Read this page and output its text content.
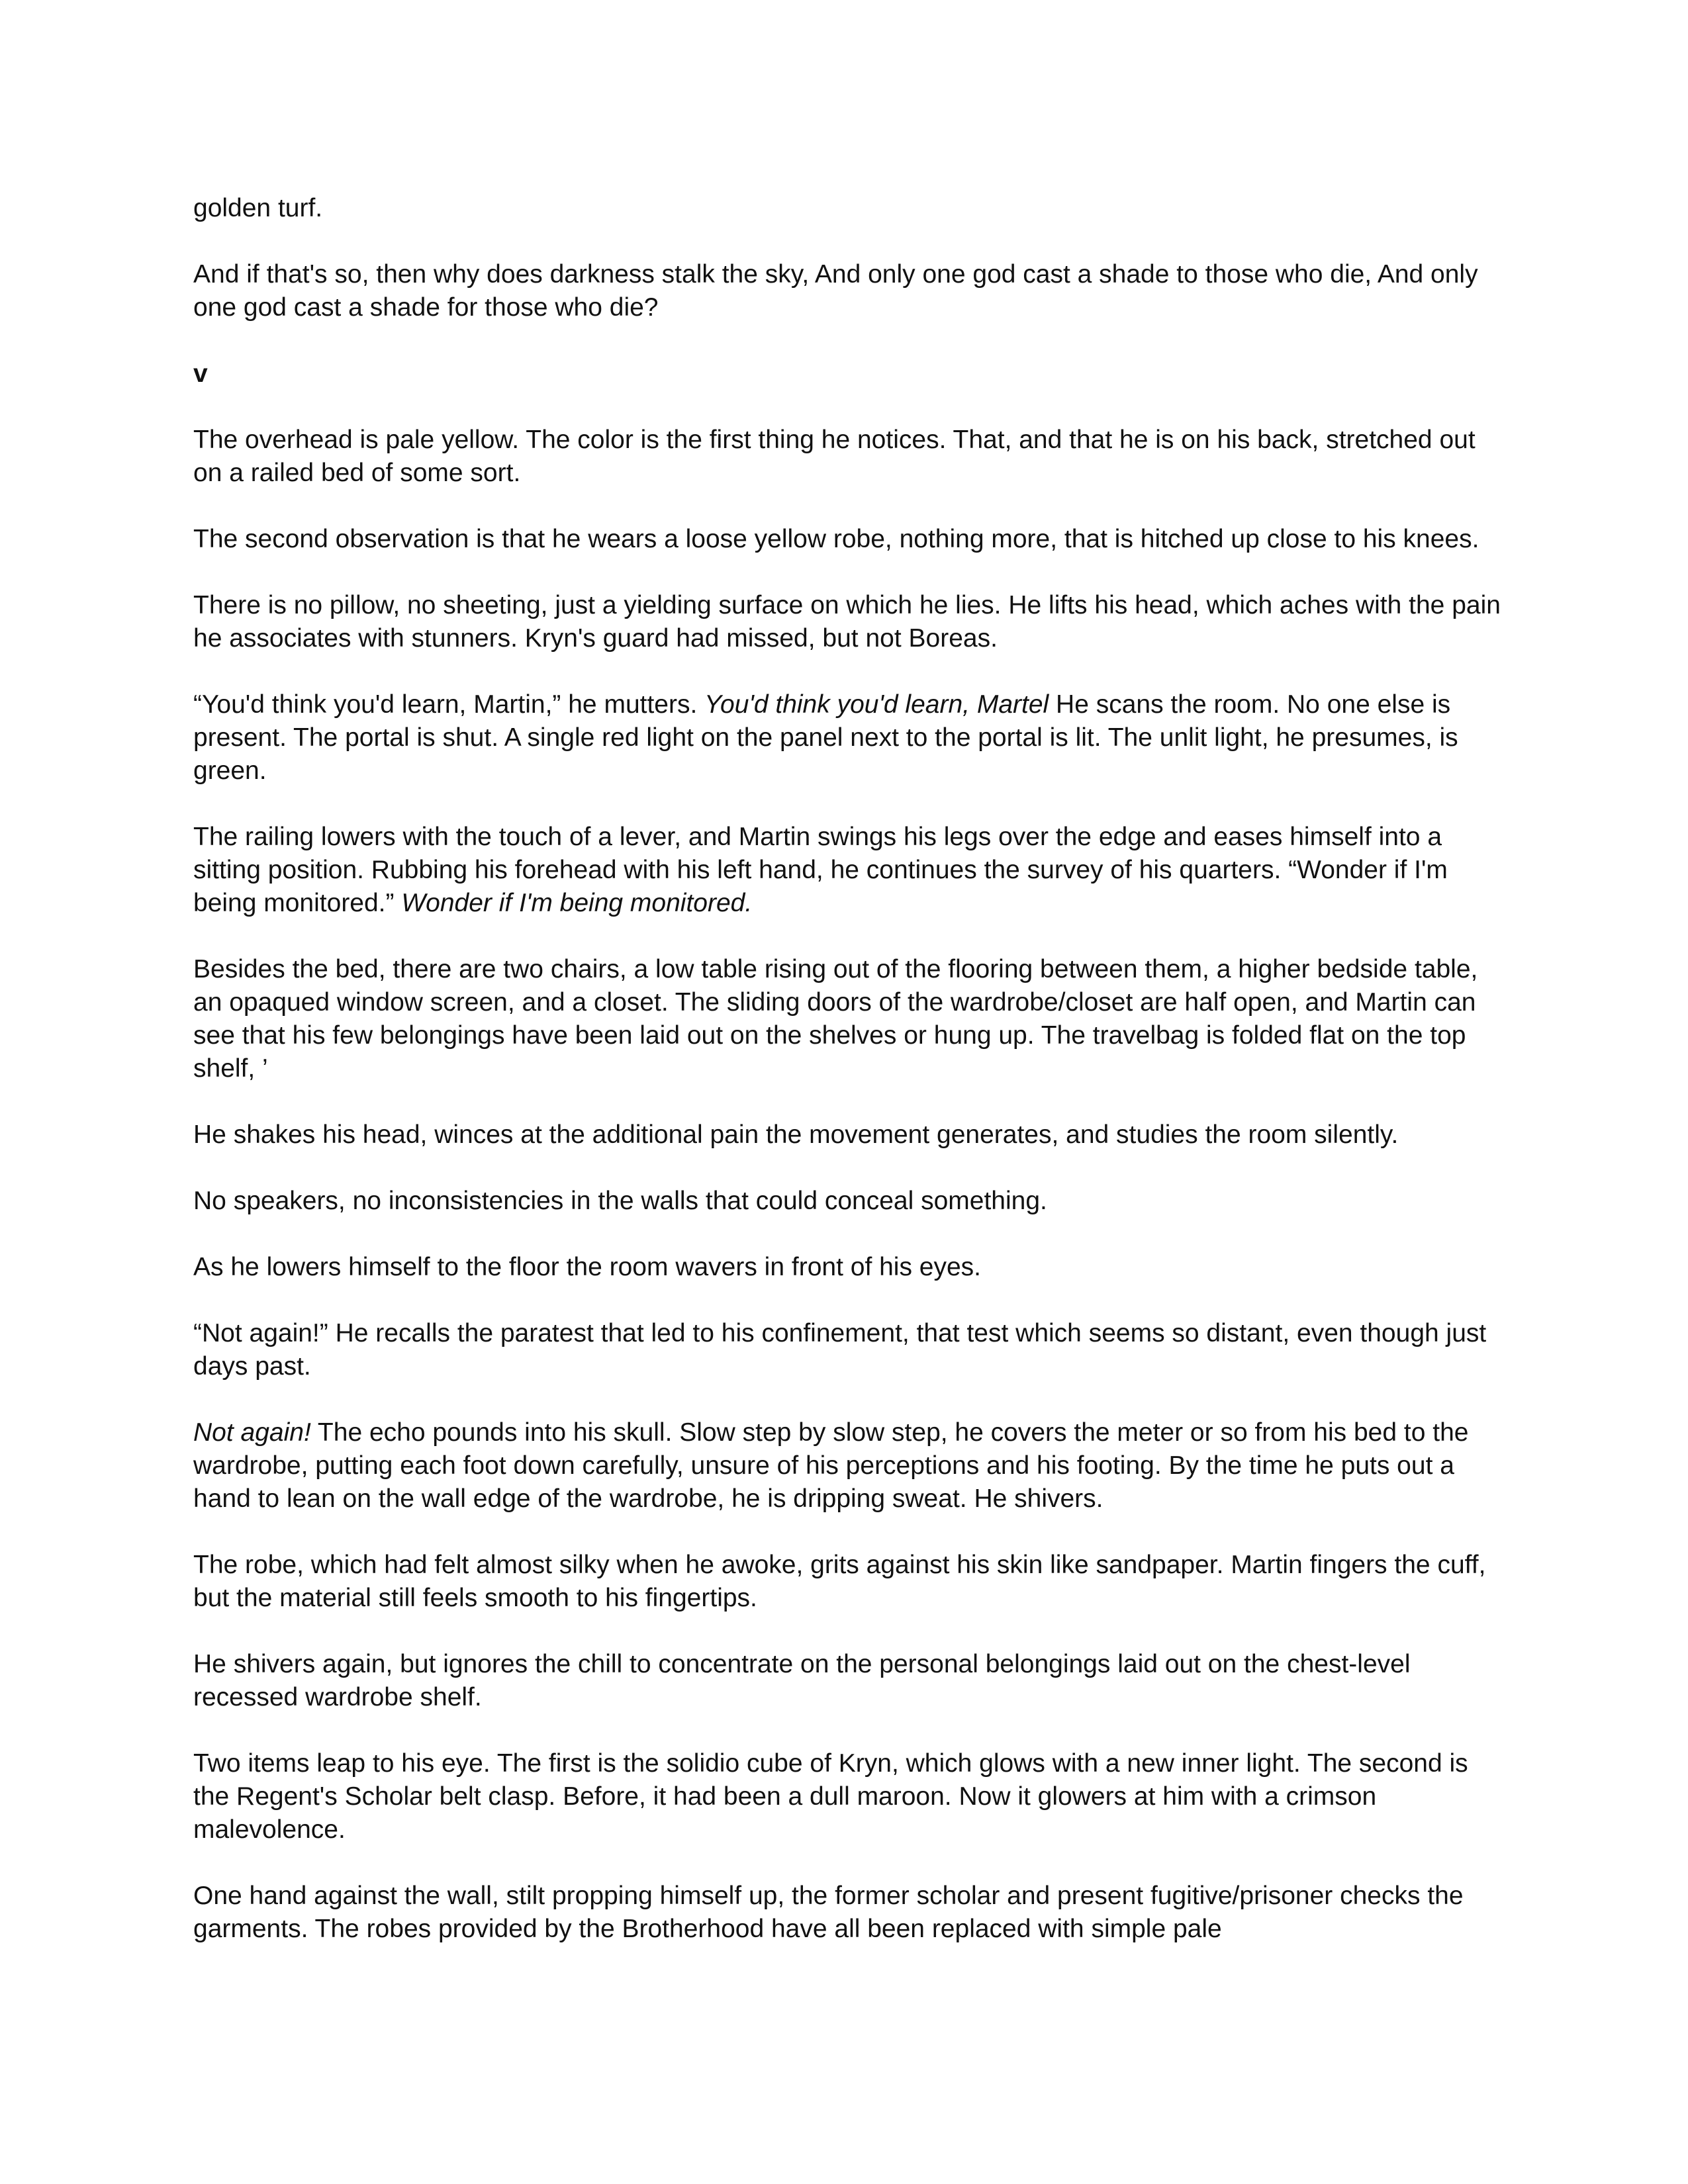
golden turf.

And if that's so, then why does darkness stalk the sky, And only one god cast a shade to those who die, And only one god cast a shade for those who die?

v

The overhead is pale yellow. The color is the first thing he notices. That, and that he is on his back, stretched out on a railed bed of some sort.

The second observation is that he wears a loose yellow robe, nothing more, that is hitched up close to his knees.

There is no pillow, no sheeting, just a yielding surface on which he lies. He lifts his head, which aches with the pain he associates with stunners. Kryn's guard had missed, but not Boreas.

“You'd think you'd learn, Martin,” he mutters. You'd think you'd learn, Martel He scans the room. No one else is present. The portal is shut. A single red light on the panel next to the portal is lit. The unlit light, he presumes, is green.

The railing lowers with the touch of a lever, and Martin swings his legs over the edge and eases himself into a sitting position. Rubbing his forehead with his left hand, he continues the survey of his quarters. “Wonder if I'm being monitored.” Wonder if I'm being monitored.

Besides the bed, there are two chairs, a low table rising out of the flooring between them, a higher bedside table, an opaqued window screen, and a closet. The sliding doors of the wardrobe/closet are half open, and Martin can see that his few belongings have been laid out on the shelves or hung up. The travelbag is folded flat on the top shelf, ’

He shakes his head, winces at the additional pain the movement generates, and studies the room silently.

No speakers, no inconsistencies in the walls that could conceal something.

As he lowers himself to the floor the room wavers in front of his eyes.

“Not again!” He recalls the paratest that led to his confinement, that test which seems so distant, even though just days past.

Not again! The echo pounds into his skull. Slow step by slow step, he covers the meter or so from his bed to the wardrobe, putting each foot down carefully, unsure of his perceptions and his footing. By the time he puts out a hand to lean on the wall edge of the wardrobe, he is dripping sweat. He shivers.

The robe, which had felt almost silky when he awoke, grits against his skin like sandpaper. Martin fingers the cuff, but the material still feels smooth to his fingertips.

He shivers again, but ignores the chill to concentrate on the personal belongings laid out on the chest-level recessed wardrobe shelf.

Two items leap to his eye. The first is the solidio cube of Kryn, which glows with a new inner light. The second is the Regent's Scholar belt clasp. Before, it had been a dull maroon. Now it glowers at him with a crimson malevolence.

One hand against the wall, stilt propping himself up, the former scholar and present fugitive/prisoner checks the garments. The robes provided by the Brotherhood have all been replaced with simple pale
